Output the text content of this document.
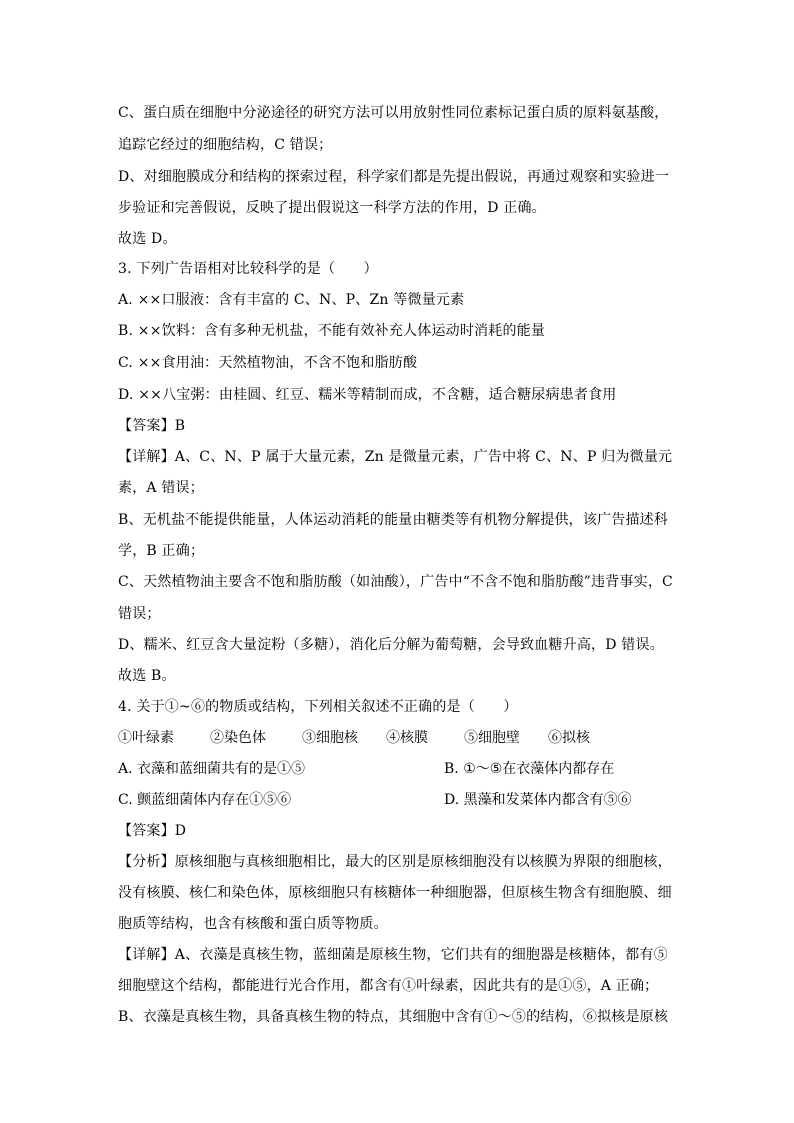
C、蛋白质在细胞中分泌途径的研究方法可以用放射性同位素标记蛋白质的原料氨基酸，
追踪它经过的细胞结构，C 错误；
D、对细胞膜成分和结构的探索过程，科学家们都是先提出假说，再通过观察和实验进一
步验证和完善假说，反映了提出假说这一科学方法的作用，D 正确。
故选 D。
3. 下列广告语相对比较科学的是（　　）
A. ××口服液：含有丰富的 C、N、P、Zn 等微量元素
B. ××饮料：含有多种无机盐，不能有效补充人体运动时消耗的能量
C. ××食用油：天然植物油，不含不饱和脂肪酸
D. ××八宝粥：由桂圆、红豆、糯米等精制而成，不含糖，适合糖尿病患者食用
【答案】B
【详解】A、C、N、P 属于大量元素，Zn 是微量元素，广告中将 C、N、P 归为微量元
素，A 错误；
B、无机盐不能提供能量，人体运动消耗的能量由糖类等有机物分解提供，该广告描述科
学，B 正确；
C、天然植物油主要含不饱和脂肪酸（如油酸），广告中“不含不饱和脂肪酸”违背事实，C
错误；
D、糯米、红豆含大量淀粉（多糖），消化后分解为葡萄糖，会导致血糖升高，D 错误。
故选 B。
4. 关于①~⑥的物质或结构，下列相关叙述不正确的是（　　）
①叶绿素	②染色体	③细胞核 ④核膜	⑤细胞壁 ⑥拟核
A. 衣藻和蓝细菌共有的是①⑤	B. ①～⑤在衣藻体内都存在
C. 颤蓝细菌体内存在①⑤⑥	D. 黑藻和发菜体内都含有⑤⑥
【答案】D
【分析】原核细胞与真核细胞相比，最大的区别是原核细胞没有以核膜为界限的细胞核，
没有核膜、核仁和染色体，原核细胞只有核糖体一种细胞器，但原核生物含有细胞膜、细
胞质等结构，也含有核酸和蛋白质等物质。
【详解】A、衣藻是真核生物，蓝细菌是原核生物，它们共有的细胞器是核糖体，都有⑤
细胞壁这个结构，都能进行光合作用，都含有①叶绿素，因此共有的是①⑤，A 正确；
B、衣藻是真核生物，具备真核生物的特点，其细胞中含有①～⑤的结构，⑥拟核是原核
